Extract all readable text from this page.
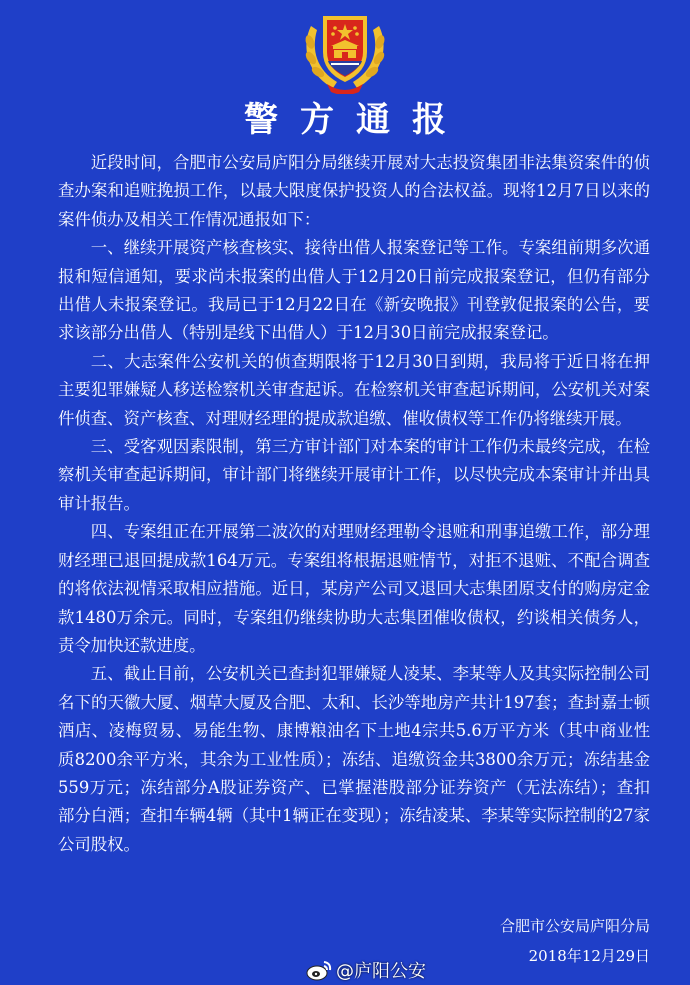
警方通报

近段时间，合肥市公安局庐阳分局继续开展对大志投资集团非法集资案件的侦查办案和追赃挽损工作，以最大限度保护投资人的合法权益。现将12月7日以来的案件侦办及相关工作情况通报如下：

一、继续开展资产核查核实、接待出借人报案登记等工作。专案组前期多次通报和短信通知，要求尚未报案的出借人于12月20日前完成报案登记，但仍有部分出借人未报案登记。我局已于12月22日在《新安晚报》刊登敦促报案的公告，要求该部分出借人（特别是线下出借人）于12月30日前完成报案登记。

二、大志案件公安机关的侦查期限将于12月30日到期，我局将于近日将在押主要犯罪嫌疑人移送检察机关审查起诉。在检察机关审查起诉期间，公安机关对案件侦查、资产核查、对理财经理的提成款追缴、催收债权等工作仍将继续开展。

三、受客观因素限制，第三方审计部门对本案的审计工作仍未最终完成，在检察机关审查起诉期间，审计部门将继续开展审计工作，以尽快完成本案审计并出具审计报告。

四、专案组正在开展第二波次的对理财经理勒令退赃和刑事追缴工作，部分理财经理已退回提成款164万元。专案组将根据退赃情节，对拒不退赃、不配合调查的将依法视情采取相应措施。近日，某房产公司又退回大志集团原支付的购房定金款1480万余元。同时，专案组仍继续协助大志集团催收债权，约谈相关债务人，责令加快还款进度。

五、截止目前，公安机关已查封犯罪嫌疑人凌某、李某等人及其实际控制公司名下的天徽大厦、烟草大厦及合肥、太和、长沙等地房产共计197套；查封嘉士顿酒店、凌梅贸易、易能生物、康博粮油名下土地4宗共5.6万平方米（其中商业性质8200余平方米，其余为工业性质）；冻结、追缴资金共3800余万元；冻结基金559万元；冻结部分A股证券资产、已掌握港股部分证券资产（无法冻结）；查扣部分白酒；查扣车辆4辆（其中1辆正在变现）；冻结凌某、李某等实际控制的27家公司股权。

合肥市公安局庐阳分局
2018年12月29日
@庐阳公安
